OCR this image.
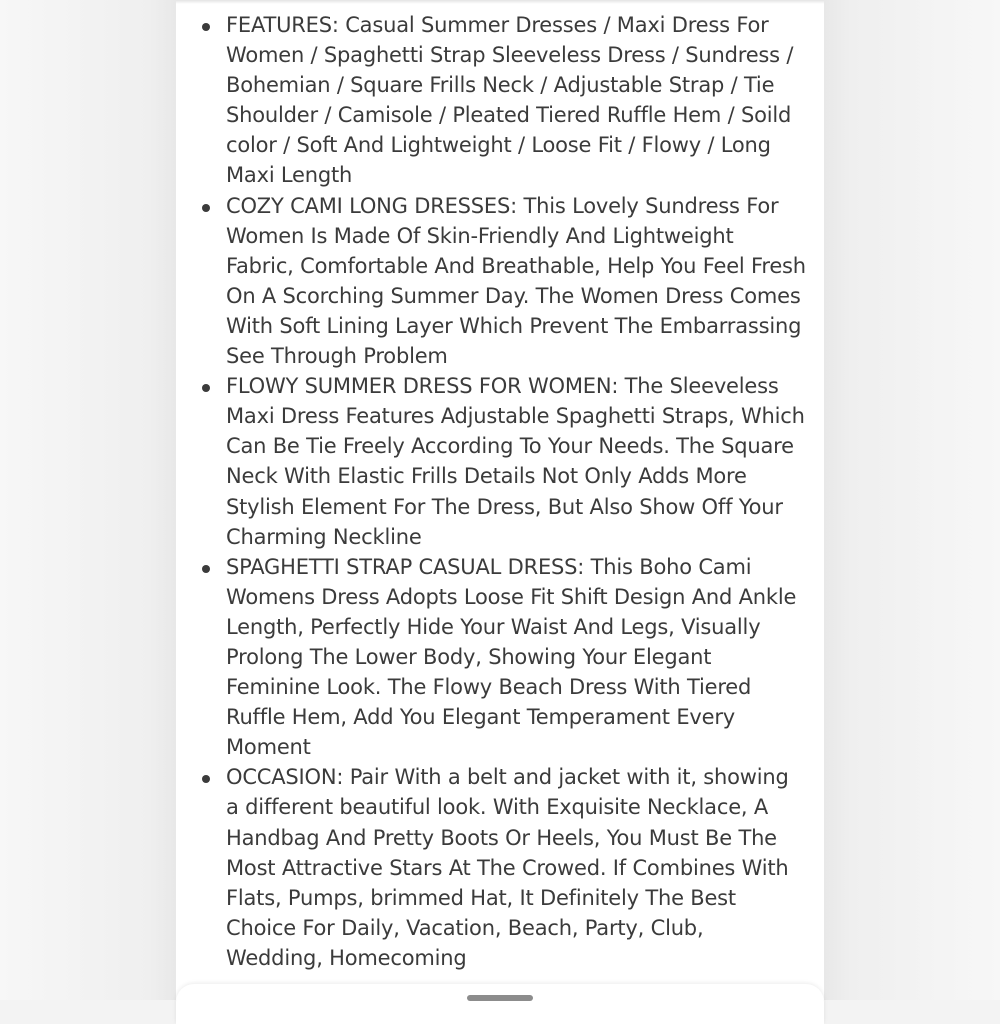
FEATURES: Casual Summer Dresses / Maxi Dress For Women / Spaghetti Strap Sleeveless Dress / Sundress / Bohemian / Square Frills Neck / Adjustable Strap / Tie Shoulder / Camisole / Pleated Tiered Ruffle Hem / Soild color / Soft And Lightweight / Loose Fit / Flowy / Long Maxi Length
COZY CAMI LONG DRESSES: This Lovely Sundress For Women Is Made Of Skin-Friendly And Lightweight Fabric, Comfortable And Breathable, Help You Feel Fresh On A Scorching Summer Day. The Women Dress Comes With Soft Lining Layer Which Prevent The Embarrassing See Through Problem
FLOWY SUMMER DRESS FOR WOMEN: The Sleeveless Maxi Dress Features Adjustable Spaghetti Straps, Which Can Be Tie Freely According To Your Needs. The Square Neck With Elastic Frills Details Not Only Adds More Stylish Element For The Dress, But Also Show Off Your Charming Neckline
SPAGHETTI STRAP CASUAL DRESS: This Boho Cami Womens Dress Adopts Loose Fit Shift Design And Ankle Length, Perfectly Hide Your Waist And Legs, Visually Prolong The Lower Body, Showing Your Elegant Feminine Look. The Flowy Beach Dress With Tiered Ruffle Hem, Add You Elegant Temperament Every Moment
OCCASION: Pair With a belt and jacket with it, showing a different beautiful look. With Exquisite Necklace, A Handbag And Pretty Boots Or Heels, You Must Be The Most Attractive Stars At The Crowed. If Combines With Flats, Pumps, brimmed Hat, It Definitely The Best Choice For Daily, Vacation, Beach, Party, Club, Wedding, Homecoming
